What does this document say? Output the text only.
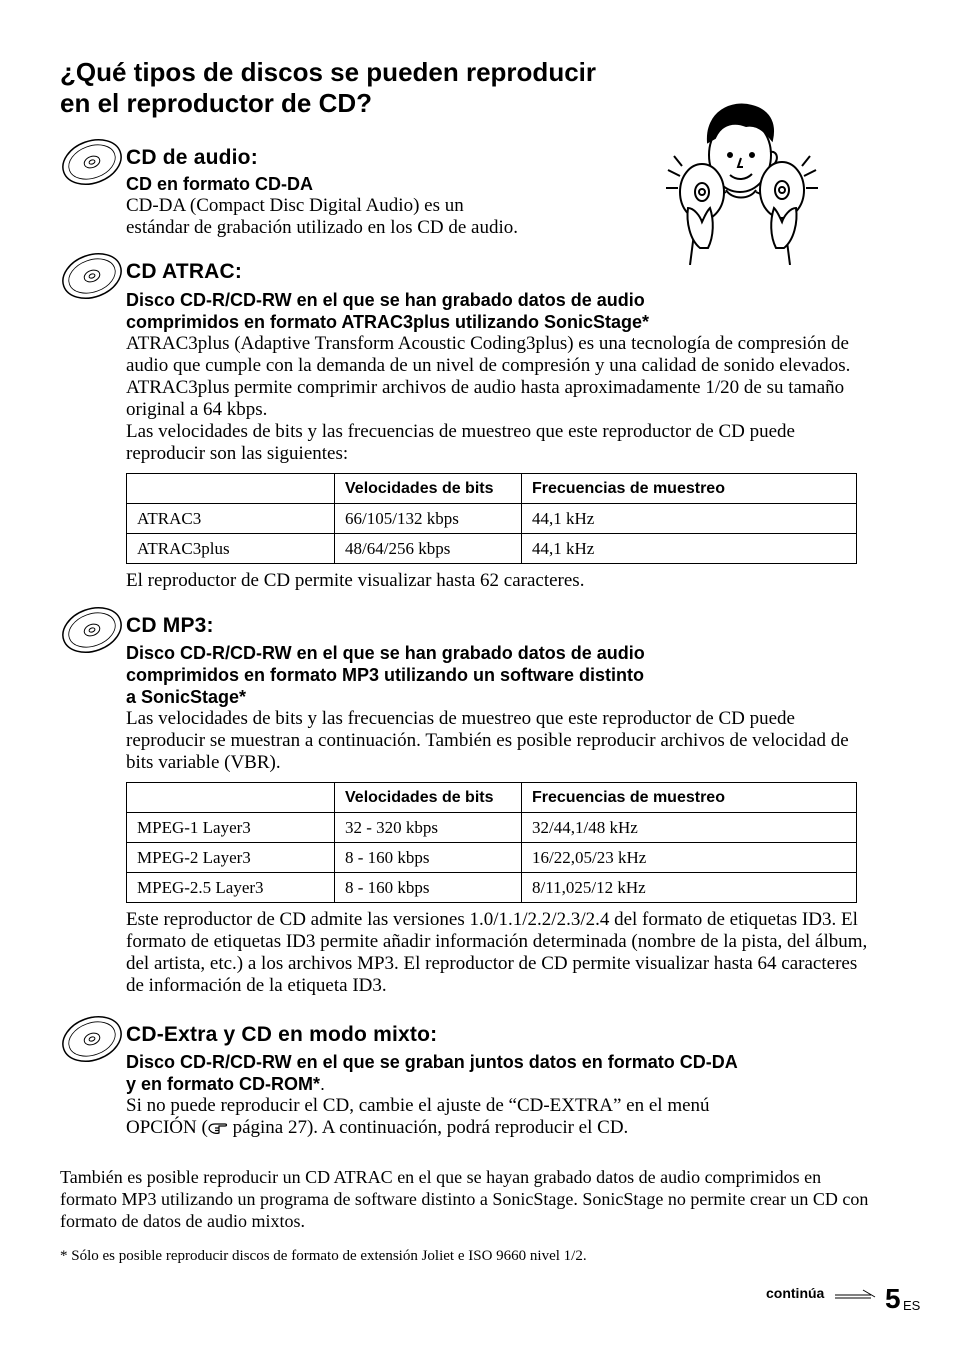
¿Qué tipos de discos se pueden reproducir
en el reproductor de CD?
CD de audio:

CD en formato CD-DA

CD-DA (Compact Disc Digital Audio) es un
estándar de grabación utilizado en los CD de audio.

CD ATRAC:

Disco CD-R/CD-RW en el que se han grabado datos de audio
comprimidos en formato ATRAC3plus utilizando SonicStage*

ATRAC3plus (Adaptive Transform Acoustic Coding3plus) es una tecnología de compresión de audio que cumple con la demanda de un nivel de compresión y una calidad de sonido elevados. ATRAC3plus permite comprimir archivos de audio hasta aproximadamente 1/20 de su tamaño original a 64 kbps.

Las velocidades de bits y las frecuencias de muestreo que este reproductor de CD puede reproducir son las siguientes:

	Velocidades de bits	Frecuencias de muestreo
ATRAC3	66/105/132 kbps	44,1 kHz
ATRAC3plus	48/64/256 kbps	44,1 kHz

El reproductor de CD permite visualizar hasta 62 caracteres.

CD MP3:

Disco CD-R/CD-RW en el que se han grabado datos de audio
comprimidos en formato MP3 utilizando un software distinto
a SonicStage*

Las velocidades de bits y las frecuencias de muestreo que este reproductor de CD puede reproducir se muestran a continuación. También es posible reproducir archivos de velocidad de bits variable (VBR).

	Velocidades de bits	Frecuencias de muestreo
MPEG-1 Layer3	32 - 320 kbps	32/44,1/48 kHz
MPEG-2 Layer3	8 - 160 kbps	16/22,05/23 kHz
MPEG-2.5 Layer3	8 - 160 kbps	8/11,025/12 kHz

Este reproductor de CD admite las versiones 1.0/1.1/2.2/2.3/2.4 del formato de etiquetas ID3. El formato de etiquetas ID3 permite añadir información determinada (nombre de la pista, del álbum, del artista, etc.) a los archivos MP3. El reproductor de CD permite visualizar hasta 64 caracteres de información de la etiqueta ID3.

CD-Extra y CD en modo mixto:

Disco CD-R/CD-RW en el que se graban juntos datos en formato CD-DA
y en formato CD-ROM*.

Si no puede reproducir el CD, cambie el ajuste de “CD-EXTRA” en el menú
OPCIÓN ( página 27). A continuación, podrá reproducir el CD.

También es posible reproducir un CD ATRAC en el que se hayan grabado datos de audio comprimidos en formato MP3 utilizando un programa de software distinto a SonicStage. SonicStage no permite crear un CD con formato de datos de audio mixtos.

* Sólo es posible reproducir discos de formato de extensión Joliet e ISO 9660 nivel 1/2.

continúa 5 ES
